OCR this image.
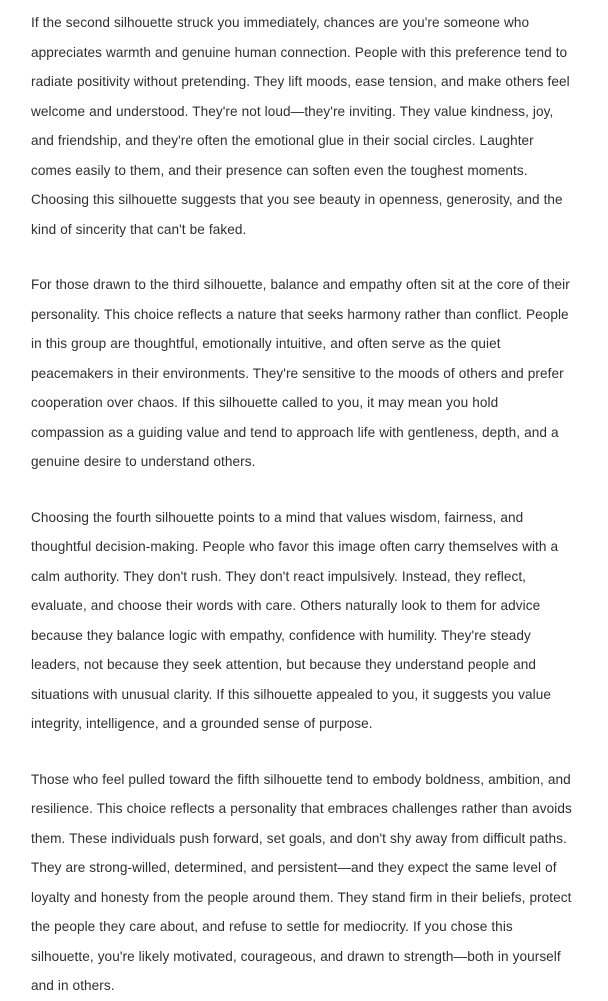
If the second silhouette struck you immediately, chances are you're someone who appreciates warmth and genuine human connection. People with this preference tend to radiate positivity without pretending. They lift moods, ease tension, and make others feel welcome and understood. They're not loud—they're inviting. They value kindness, joy, and friendship, and they're often the emotional glue in their social circles. Laughter comes easily to them, and their presence can soften even the toughest moments. Choosing this silhouette suggests that you see beauty in openness, generosity, and the kind of sincerity that can't be faked.

For those drawn to the third silhouette, balance and empathy often sit at the core of their personality. This choice reflects a nature that seeks harmony rather than conflict. People in this group are thoughtful, emotionally intuitive, and often serve as the quiet peacemakers in their environments. They're sensitive to the moods of others and prefer cooperation over chaos. If this silhouette called to you, it may mean you hold compassion as a guiding value and tend to approach life with gentleness, depth, and a genuine desire to understand others.

Choosing the fourth silhouette points to a mind that values wisdom, fairness, and thoughtful decision-making. People who favor this image often carry themselves with a calm authority. They don't rush. They don't react impulsively. Instead, they reflect, evaluate, and choose their words with care. Others naturally look to them for advice because they balance logic with empathy, confidence with humility. They're steady leaders, not because they seek attention, but because they understand people and situations with unusual clarity. If this silhouette appealed to you, it suggests you value integrity, intelligence, and a grounded sense of purpose.

Those who feel pulled toward the fifth silhouette tend to embody boldness, ambition, and resilience. This choice reflects a personality that embraces challenges rather than avoids them. These individuals push forward, set goals, and don't shy away from difficult paths. They are strong-willed, determined, and persistent—and they expect the same level of loyalty and honesty from the people around them. They stand firm in their beliefs, protect the people they care about, and refuse to settle for mediocrity. If you chose this silhouette, you're likely motivated, courageous, and drawn to strength—both in yourself and in others.
